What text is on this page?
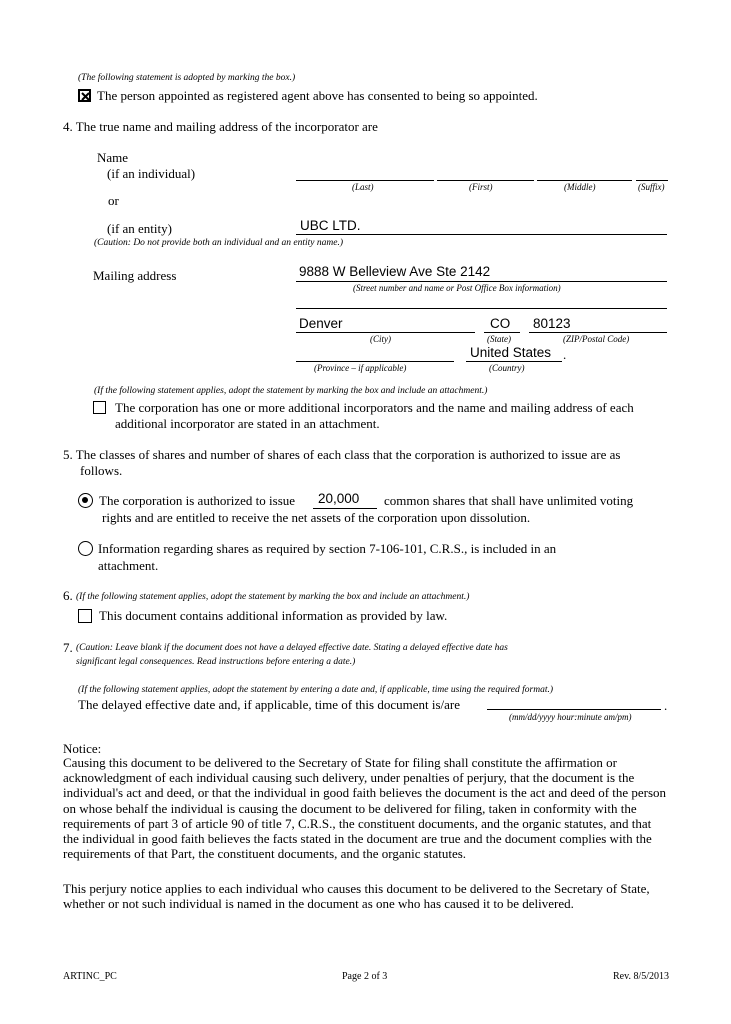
(The following statement is adopted by marking the box.)
The person appointed as registered agent above has consented to being so appointed.
4. The true name and mailing address of the incorporator are
Name
(if an individual)
(Last)	(First)	(Middle)	(Suffix)
or
(if an entity)	UBC LTD.
(Caution: Do not provide both an individual and an entity name.)
Mailing address	9888 W Belleview Ave Ste 2142
(Street number and name or Post Office Box information)
Denver	CO 80123
(City)	(State)	(ZIP/Postal Code)
United States .
(Province – if applicable)	(Country)
(If the following statement applies, adopt the statement by marking the box and include an attachment.)
The corporation has one or more additional incorporators and the name and mailing address of each
additional incorporator are stated in an attachment.
5. The classes of shares and number of shares of each class that the corporation is authorized to issue are as
follows.
The corporation is authorized to issue 20,000 common shares that shall have unlimited voting
rights and are entitled to receive the net assets of the corporation upon dissolution.
Information regarding shares as required by section 7-106-101, C.R.S., is included in an
attachment.
6. (If the following statement applies, adopt the statement by marking the box and include an attachment.)
This document contains additional information as provided by law.
7. (Caution: Leave blank if the document does not have a delayed effective date. Stating a delayed effective date has
significant legal consequences. Read instructions before entering a date.)
(If the following statement applies, adopt the statement by entering a date and, if applicable, time using the required format.)
The delayed effective date and, if applicable, time of this document is/are	.
(mm/dd/yyyy hour:minute am/pm)
Notice:
Causing this document to be delivered to the Secretary of State for filing shall constitute the affirmation or acknowledgment of each individual causing such delivery, under penalties of perjury, that the document is the individual's act and deed, or that the individual in good faith believes the document is the act and deed of the person on whose behalf the individual is causing the document to be delivered for filing, taken in conformity with the requirements of part 3 of article 90 of title 7, C.R.S., the constituent documents, and the organic statutes, and that the individual in good faith believes the facts stated in the document are true and the document complies with the requirements of that Part, the constituent documents, and the organic statutes.
This perjury notice applies to each individual who causes this document to be delivered to the Secretary of State, whether or not such individual is named in the document as one who has caused it to be delivered.
ARTINC_PC	Page 2 of 3	Rev. 8/5/2013
